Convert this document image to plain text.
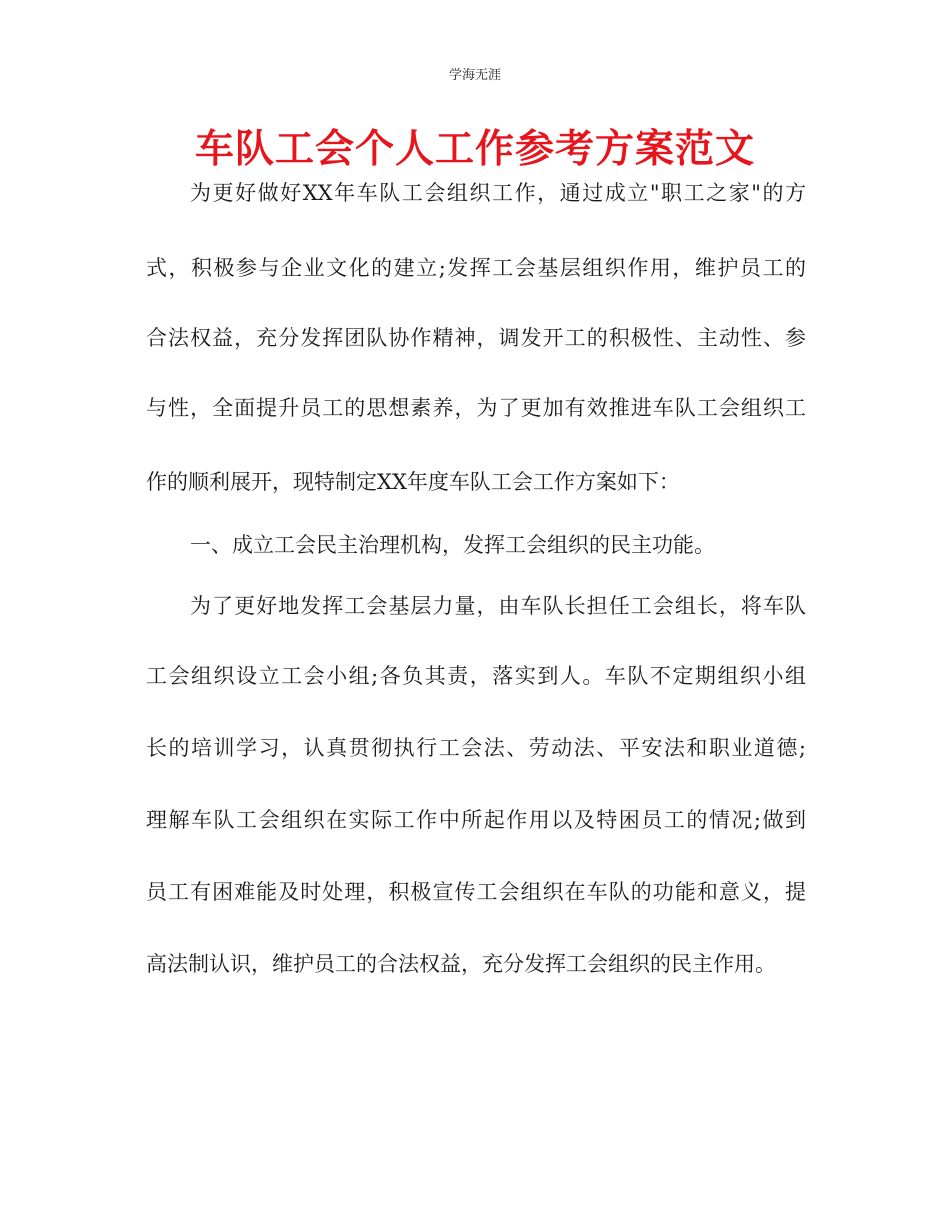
学海无涯
车队工会个人工作参考方案范文
为更好做好XX年车队工会组织工作，通过成立"职工之家"的方
式，积极参与企业文化的建立;发挥工会基层组织作用，维护员工的
合法权益，充分发挥团队协作精神，调发开工的积极性、主动性、参
与性，全面提升员工的思想素养，为了更加有效推进车队工会组织工
作的顺利展开，现特制定XX年度车队工会工作方案如下：
一、成立工会民主治理机构，发挥工会组织的民主功能。
为了更好地发挥工会基层力量，由车队长担任工会组长，将车队
工会组织设立工会小组;各负其责，落实到人。车队不定期组织小组
长的培训学习，认真贯彻执行工会法、劳动法、平安法和职业道德;
理解车队工会组织在实际工作中所起作用以及特困员工的情况;做到
员工有困难能及时处理，积极宣传工会组织在车队的功能和意义，提
高法制认识，维护员工的合法权益，充分发挥工会组织的民主作用。
